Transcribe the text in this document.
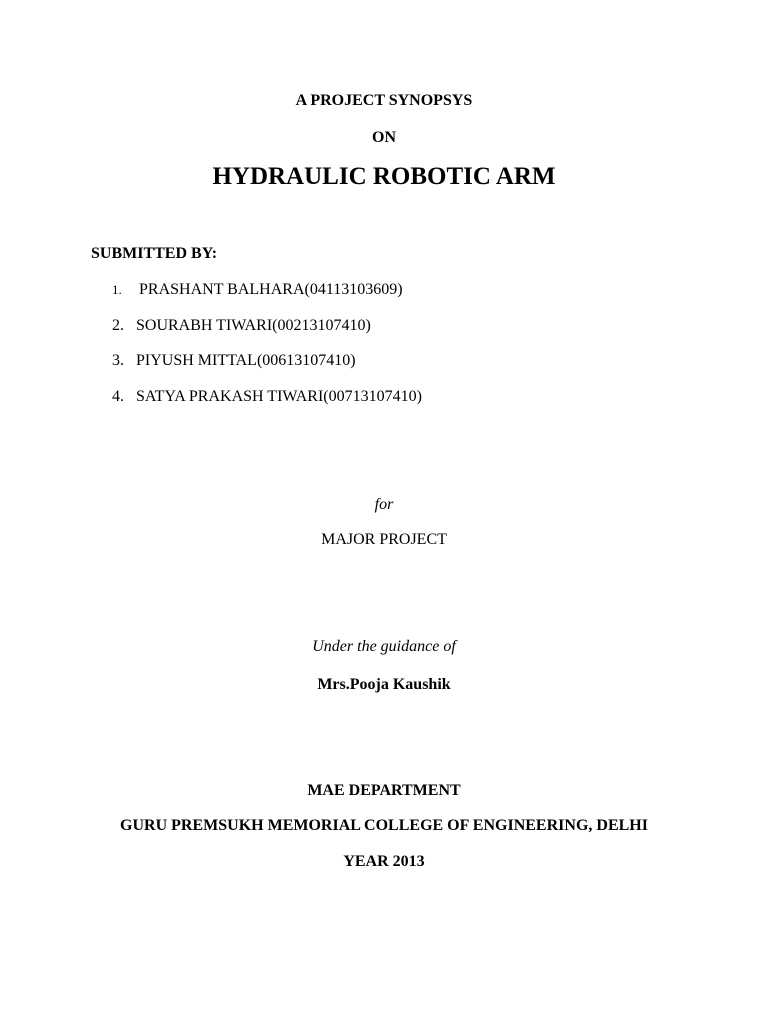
A PROJECT SYNOPSYS
ON
HYDRAULIC ROBOTIC ARM
SUBMITTED BY:
1. PRASHANT BALHARA(04113103609)
2. SOURABH TIWARI(00213107410)
3. PIYUSH MITTAL(00613107410)
4. SATYA PRAKASH TIWARI(00713107410)
for
MAJOR PROJECT
Under the guidance of
Mrs.Pooja Kaushik
MAE DEPARTMENT
GURU PREMSUKH MEMORIAL COLLEGE OF ENGINEERING, DELHI
YEAR 2013
